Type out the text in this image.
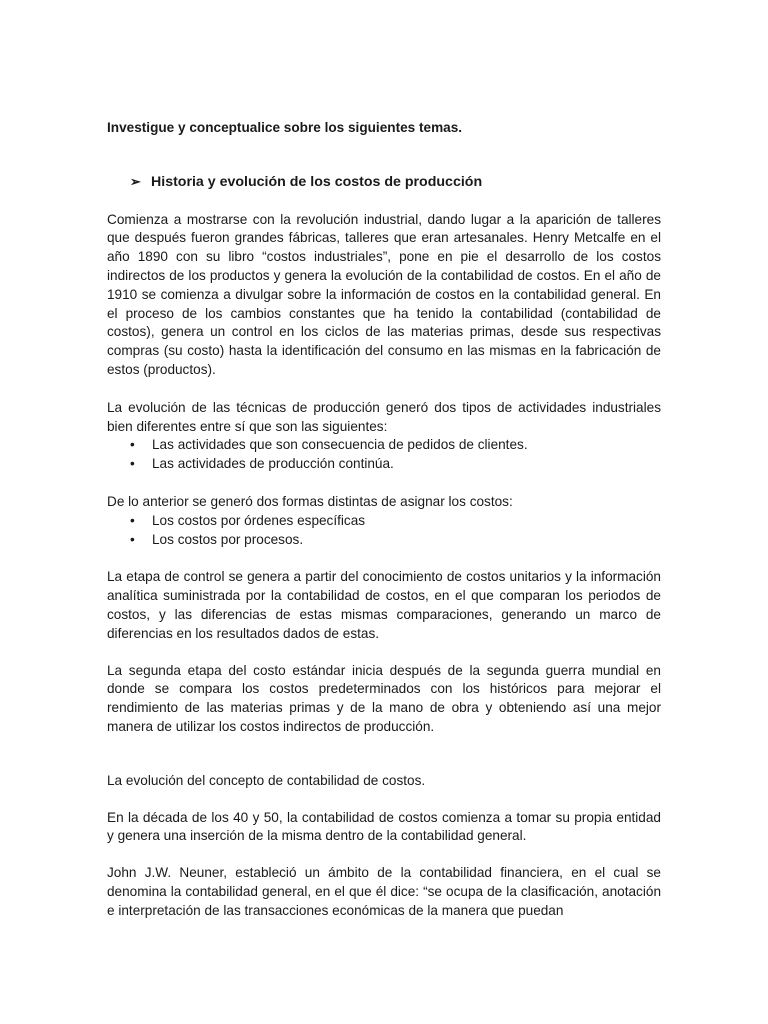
Investigue y conceptualice sobre los siguientes temas.

➢ Historia y evolución de los costos de producción

Comienza a mostrarse con la revolución industrial, dando lugar a la aparición de talleres que después fueron grandes fábricas, talleres que eran artesanales. Henry Metcalfe en el año 1890 con su libro “costos industriales”, pone en pie el desarrollo de los costos indirectos de los productos y genera la evolución de la contabilidad de costos. En el año de 1910 se comienza a divulgar sobre la información de costos en la contabilidad general. En el proceso de los cambios constantes que ha tenido la contabilidad (contabilidad de costos), genera un control en los ciclos de las materias primas, desde sus respectivas compras (su costo) hasta la identificación del consumo en las mismas en la fabricación de estos (productos).

La evolución de las técnicas de producción generó dos tipos de actividades industriales bien diferentes entre sí que son las siguientes:

• Las actividades que son consecuencia de pedidos de clientes.
• Las actividades de producción continúa.

De lo anterior se generó dos formas distintas de asignar los costos:

• Los costos por órdenes específicas
• Los costos por procesos.

La etapa de control se genera a partir del conocimiento de costos unitarios y la información analítica suministrada por la contabilidad de costos, en el que comparan los periodos de costos, y las diferencias de estas mismas comparaciones, generando un marco de diferencias en los resultados dados de estas.

La segunda etapa del costo estándar inicia después de la segunda guerra mundial en donde se compara los costos predeterminados con los históricos para mejorar el rendimiento de las materias primas y de la mano de obra y obteniendo así una mejor manera de utilizar los costos indirectos de producción.

La evolución del concepto de contabilidad de costos.

En la década de los 40 y 50, la contabilidad de costos comienza a tomar su propia entidad y genera una inserción de la misma dentro de la contabilidad general.

John J.W. Neuner, estableció un ámbito de la contabilidad financiera, en el cual se denomina la contabilidad general, en el que él dice: “se ocupa de la clasificación, anotación e interpretación de las transacciones económicas de la manera que puedan
